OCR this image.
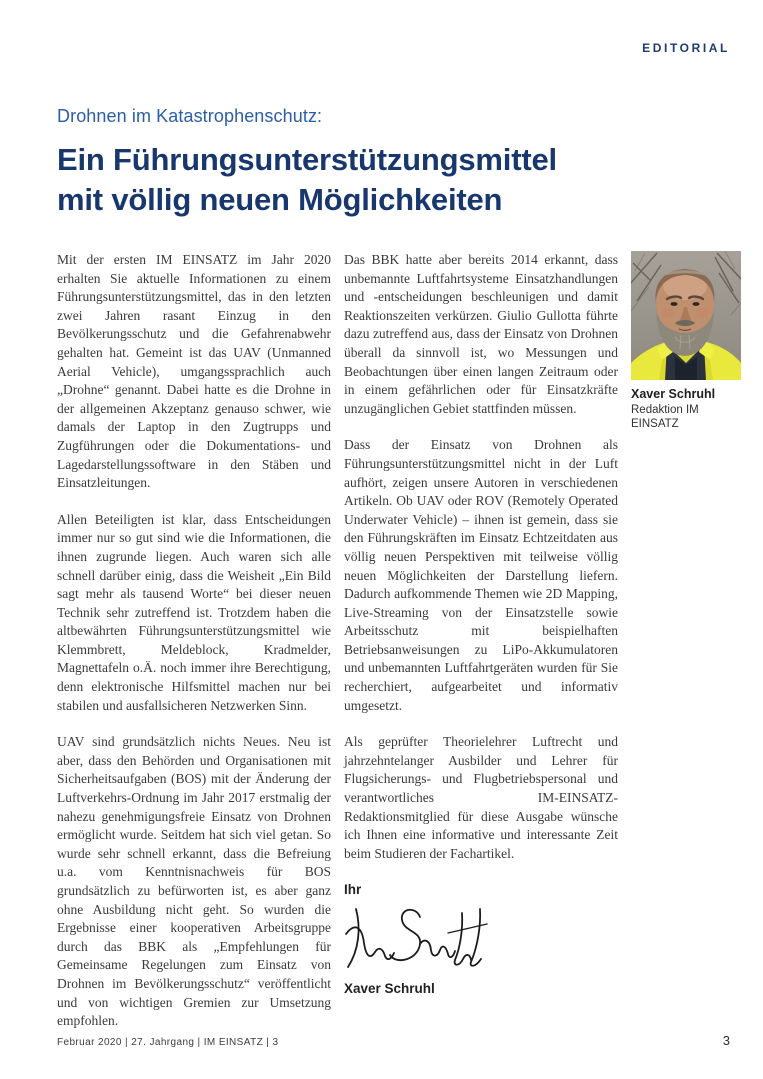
EDITORIAL
Drohnen im Katastrophenschutz:
Ein Führungsunterstützungsmittel
mit völlig neuen Möglichkeiten

Mit der ersten IM EINSATZ im Jahr 2020 erhalten Sie aktuelle Informationen zu einem Führungsunterstützungsmittel, das in den letzten zwei Jahren rasant Einzug in den Bevölkerungsschutz und die Gefahrenabwehr gehalten hat. Gemeint ist das UAV (Unmanned Aerial Vehicle), umgangssprachlich auch „Drohne“ genannt. Dabei hatte es die Drohne in der allgemeinen Akzeptanz genauso schwer, wie damals der Laptop in den Zugtrupps und Zugführungen oder die Dokumentations- und Lagedarstellungssoftware in den Stäben und Einsatzleitungen.

Allen Beteiligten ist klar, dass Entscheidungen immer nur so gut sind wie die Informationen, die ihnen zugrunde liegen. Auch waren sich alle schnell darüber einig, dass die Weisheit „Ein Bild sagt mehr als tausend Worte“ bei dieser neuen Technik sehr zutreffend ist. Trotzdem haben die altbewährten Führungsunterstützungsmittel wie Klemmbrett, Meldeblock, Kradmelder, Magnettafeln o.Ä. noch immer ihre Berechtigung, denn elektronische Hilfsmittel machen nur bei stabilen und ausfallsicheren Netzwerken Sinn.

UAV sind grundsätzlich nichts Neues. Neu ist aber, dass den Behörden und Organisationen mit Sicherheitsaufgaben (BOS) mit der Änderung der Luftverkehrs-Ordnung im Jahr 2017 erstmalig der nahezu genehmigungsfreie Einsatz von Drohnen ermöglicht wurde. Seitdem hat sich viel getan. So wurde sehr schnell erkannt, dass die Befreiung u.a. vom Kenntnisnachweis für BOS grundsätzlich zu befürworten ist, es aber ganz ohne Ausbildung nicht geht. So wurden die Ergebnisse einer kooperativen Arbeitsgruppe durch das BBK als „Empfehlungen für Gemeinsame Regelungen zum Einsatz von Drohnen im Bevölkerungsschutz“ veröffentlicht und von wichtigen Gremien zur Umsetzung empfohlen.

Das BBK hatte aber bereits 2014 erkannt, dass unbemannte Luftfahrtsysteme Einsatzhandlungen und -entscheidungen beschleunigen und damit Reaktionszeiten verkürzen. Giulio Gullotta führte dazu zutreffend aus, dass der Einsatz von Drohnen überall da sinnvoll ist, wo Messungen und Beobachtungen über einen langen Zeitraum oder in einem gefährlichen oder für Einsatzkräfte unzugänglichen Gebiet stattfinden müssen.

Dass der Einsatz von Drohnen als Führungsunterstützungsmittel nicht in der Luft aufhört, zeigen unsere Autoren in verschiedenen Artikeln. Ob UAV oder ROV (Remotely Operated Underwater Vehicle) – ihnen ist gemein, dass sie den Führungskräften im Einsatz Echtzeitdaten aus völlig neuen Perspektiven mit teilweise völlig neuen Möglichkeiten der Darstellung liefern. Dadurch aufkommende Themen wie 2D Mapping, Live-Streaming von der Einsatzstelle sowie Arbeitsschutz mit beispielhaften Betriebsanweisungen zu LiPo-Akkumulatoren und unbemannten Luftfahrtgeräten wurden für Sie recherchiert, aufgearbeitet und informativ umgesetzt.

Als geprüfter Theorielehrer Luftrecht und jahrzehntelanger Ausbilder und Lehrer für Flugsicherungs- und Flugbetriebspersonal und verantwortliches IM-EINSATZ-Redaktionsmitglied für diese Ausgabe wünsche ich Ihnen eine informative und interessante Zeit beim Studieren der Fachartikel.

Ihr

Xaver Schruhl

Xaver Schruhl
Redaktion IM EINSATZ
Februar 2020 | 27. Jahrgang | IM EINSATZ | 3	3
